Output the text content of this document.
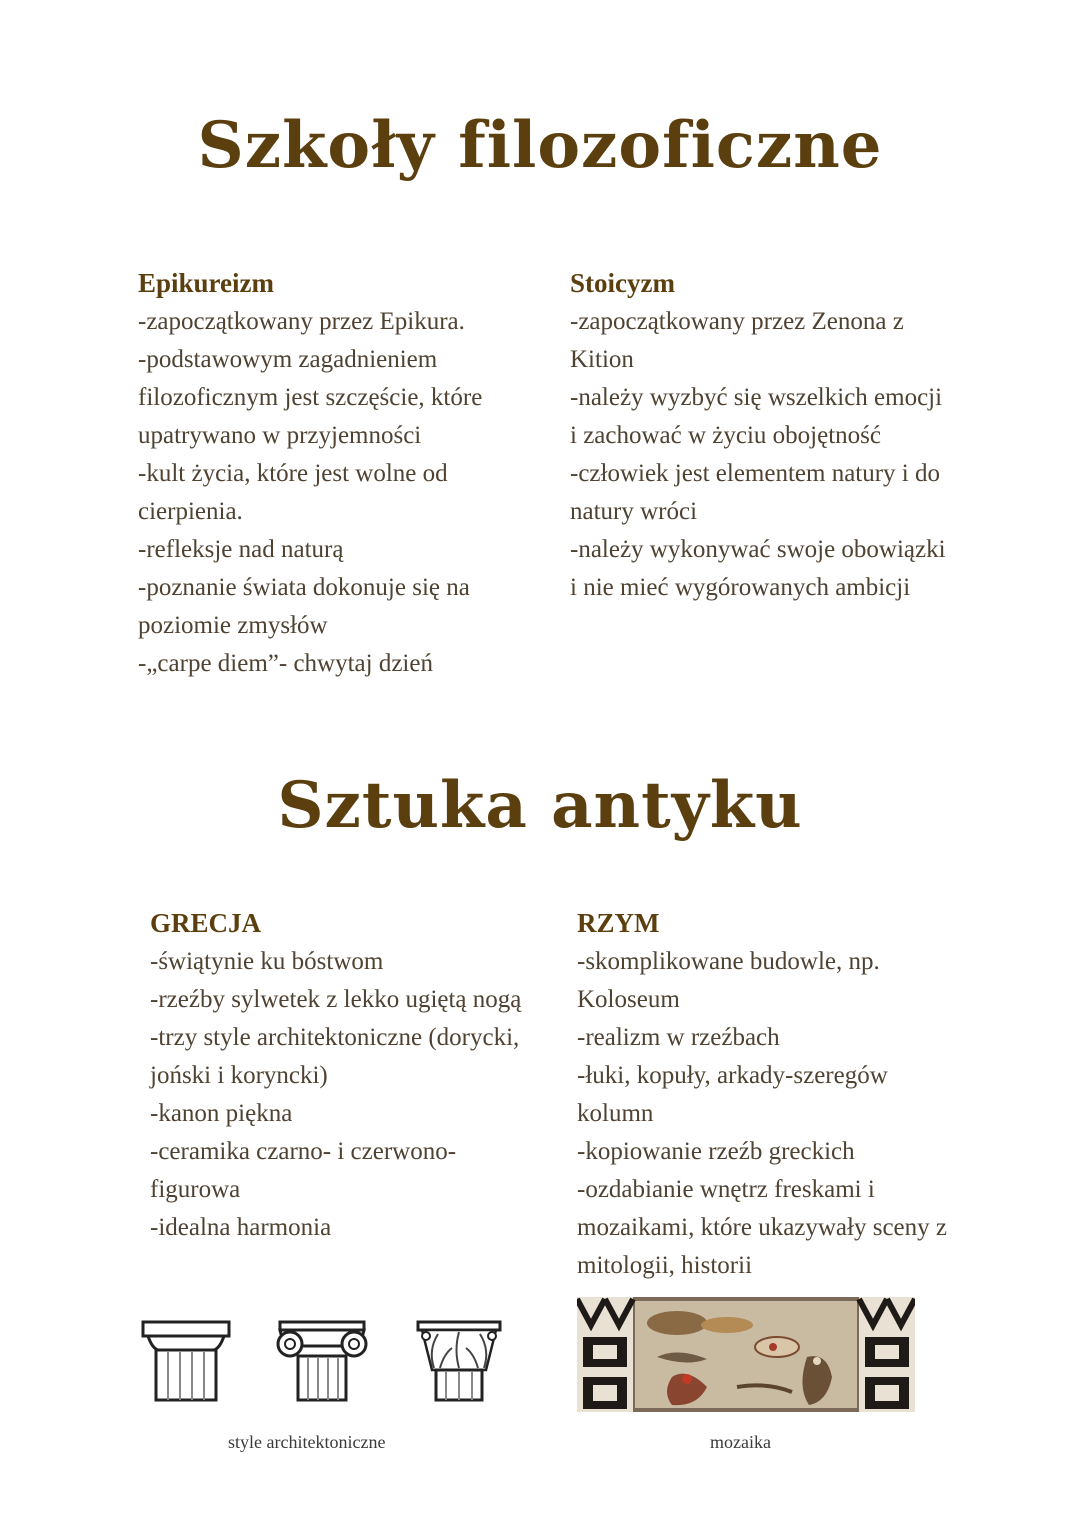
Szkoły filozoficzne
Epikureizm
-zapoczątkowany przez Epikura.
-podstawowym zagadnieniem filozoficznym jest szczęście, które upatrywano w przyjemności
-kult życia, które jest wolne od cierpienia.
-refleksje nad naturą
-poznanie świata dokonuje się na poziomie zmysłów
-„carpe diem”- chwytaj dzień
Stoicyzm
-zapoczątkowany przez Zenona z Kition
-należy wyzbyć się wszelkich emocji i zachować w życiu obojętność
-człowiek jest elementem natury i do natury wróci
-należy wykonywać swoje obowiązki i nie mieć wygórowanych ambicji
Sztuka antyku
GRECJA
-świątynie ku bóstwom
-rzeźby sylwetek z lekko ugiętą nogą
-trzy style architektoniczne (dorycki, joński i koryncki)
-kanon piękna
-ceramika czarno- i czerwono-figurowa
-idealna harmonia
RZYM
-skomplikowane budowle, np. Koloseum
-realizm w rzeźbach
-łuki, kopuły, arkady-szeregów kolumn
-kopiowanie rzeźb greckich
-ozdabianie wnętrz freskami i mozaikami, które ukazywały sceny z mitologii, historii
style architektoniczne	mozaika
